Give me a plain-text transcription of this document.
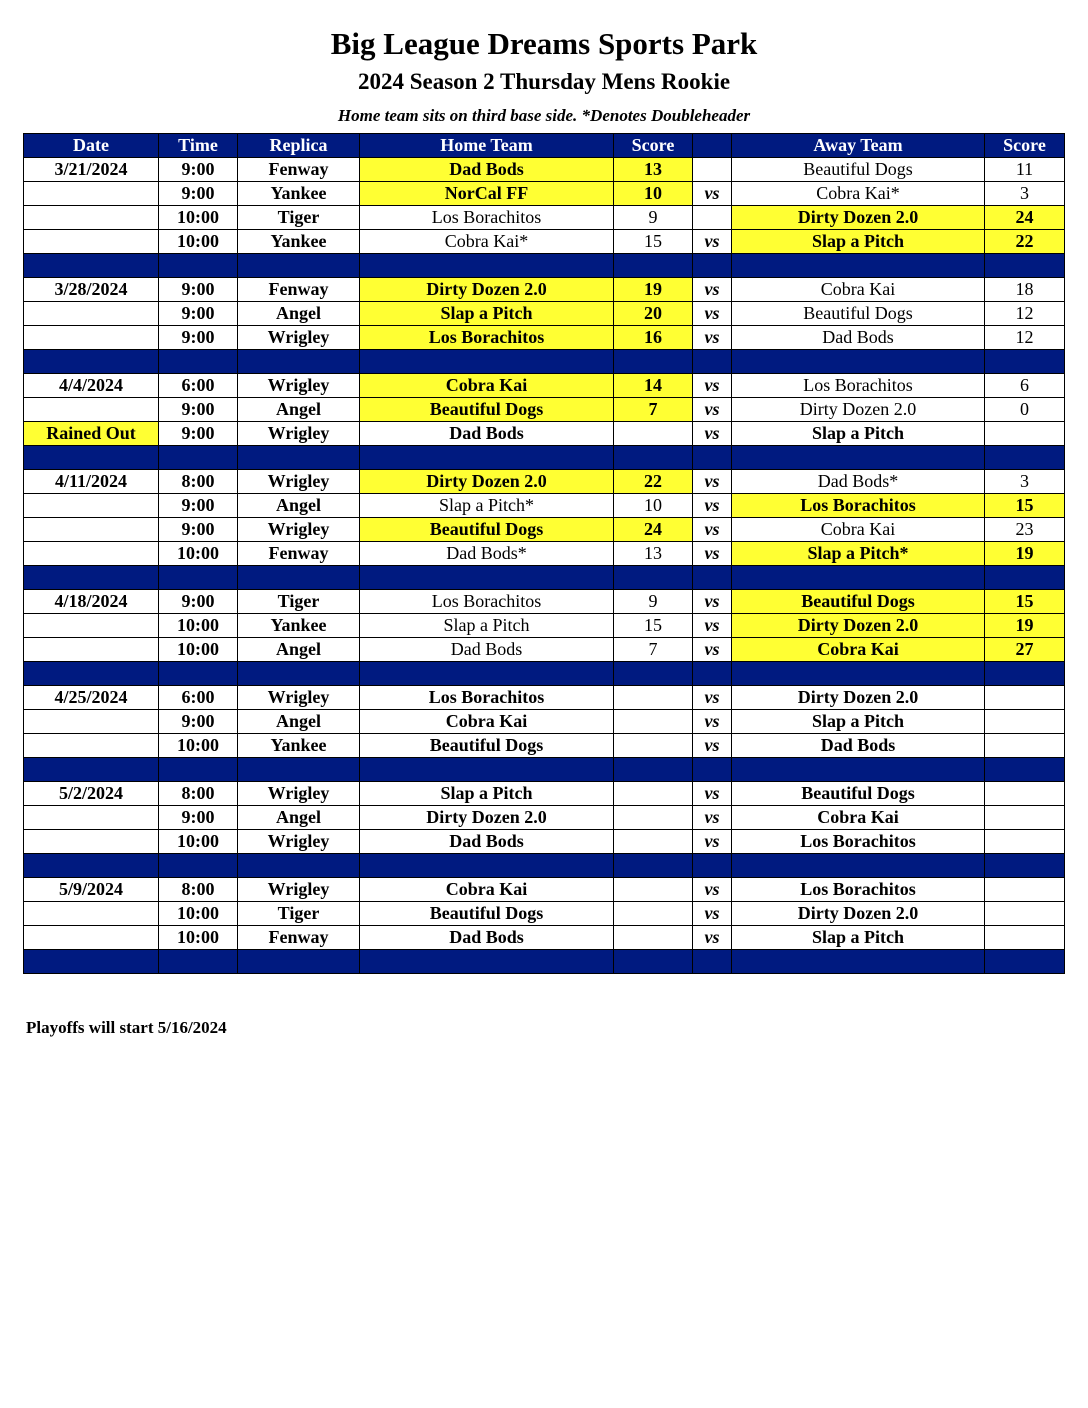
Big League Dreams Sports Park
2024 Season 2 Thursday Mens Rookie
Home team sits on third base side. *Denotes Doubleheader
Date	Time	Replica	Home Team	Score		Away Team	Score
3/21/2024	9:00	Fenway	Dad Bods	13		Beautiful Dogs	11
	9:00	Yankee	NorCal FF	10	vs	Cobra Kai*	3
	10:00	Tiger	Los Borachitos	9		Dirty Dozen 2.0	24
	10:00	Yankee	Cobra Kai*	15	vs	Slap a Pitch	22

3/28/2024	9:00	Fenway	Dirty Dozen 2.0	19	vs	Cobra Kai	18
	9:00	Angel	Slap a Pitch	20	vs	Beautiful Dogs	12
	9:00	Wrigley	Los Borachitos	16	vs	Dad Bods	12

4/4/2024	6:00	Wrigley	Cobra Kai	14	vs	Los Borachitos	6
	9:00	Angel	Beautiful Dogs	7	vs	Dirty Dozen 2.0	0
Rained Out	9:00	Wrigley	Dad Bods		vs	Slap a Pitch	

4/11/2024	8:00	Wrigley	Dirty Dozen 2.0	22	vs	Dad Bods*	3
	9:00	Angel	Slap a Pitch*	10	vs	Los Borachitos	15
	9:00	Wrigley	Beautiful Dogs	24	vs	Cobra Kai	23
	10:00	Fenway	Dad Bods*	13	vs	Slap a Pitch*	19

4/18/2024	9:00	Tiger	Los Borachitos	9	vs	Beautiful Dogs	15
	10:00	Yankee	Slap a Pitch	15	vs	Dirty Dozen 2.0	19
	10:00	Angel	Dad Bods	7	vs	Cobra Kai	27

4/25/2024	6:00	Wrigley	Los Borachitos		vs	Dirty Dozen 2.0	
	9:00	Angel	Cobra Kai		vs	Slap a Pitch	
	10:00	Yankee	Beautiful Dogs		vs	Dad Bods	

5/2/2024	8:00	Wrigley	Slap a Pitch		vs	Beautiful Dogs	
	9:00	Angel	Dirty Dozen 2.0		vs	Cobra Kai	
	10:00	Wrigley	Dad Bods		vs	Los Borachitos	

5/9/2024	8:00	Wrigley	Cobra Kai		vs	Los Borachitos	
	10:00	Tiger	Beautiful Dogs		vs	Dirty Dozen 2.0	
	10:00	Fenway	Dad Bods		vs	Slap a Pitch	

Playoffs will start 5/16/2024
